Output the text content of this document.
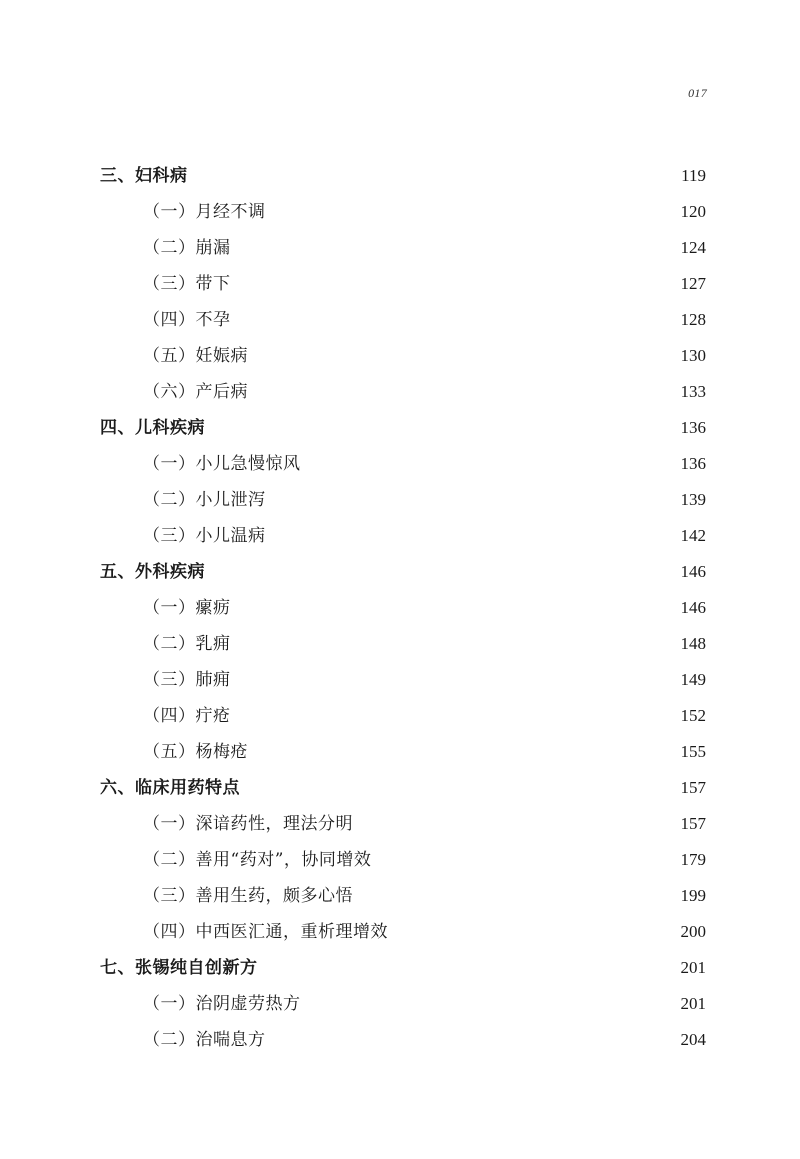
017
三、妇科病	119
（一）月经不调	120
（二）崩漏	124
（三）带下	127
（四）不孕	128
（五）妊娠病	130
（六）产后病	133
四、儿科疾病	136
（一）小儿急慢惊风	136
（二）小儿泄泻	139
（三）小儿温病	142
五、外科疾病	146
（一）瘰疬	146
（二）乳痈	148
（三）肺痈	149
（四）疔疮	152
（五）杨梅疮	155
六、临床用药特点	157
（一）深谙药性，理法分明	157
（二）善用“药对”，协同增效	179
（三）善用生药，颇多心悟	199
（四）中西医汇通，重析理增效	200
七、张锡纯自创新方	201
（一）治阴虚劳热方	201
（二）治喘息方	204
